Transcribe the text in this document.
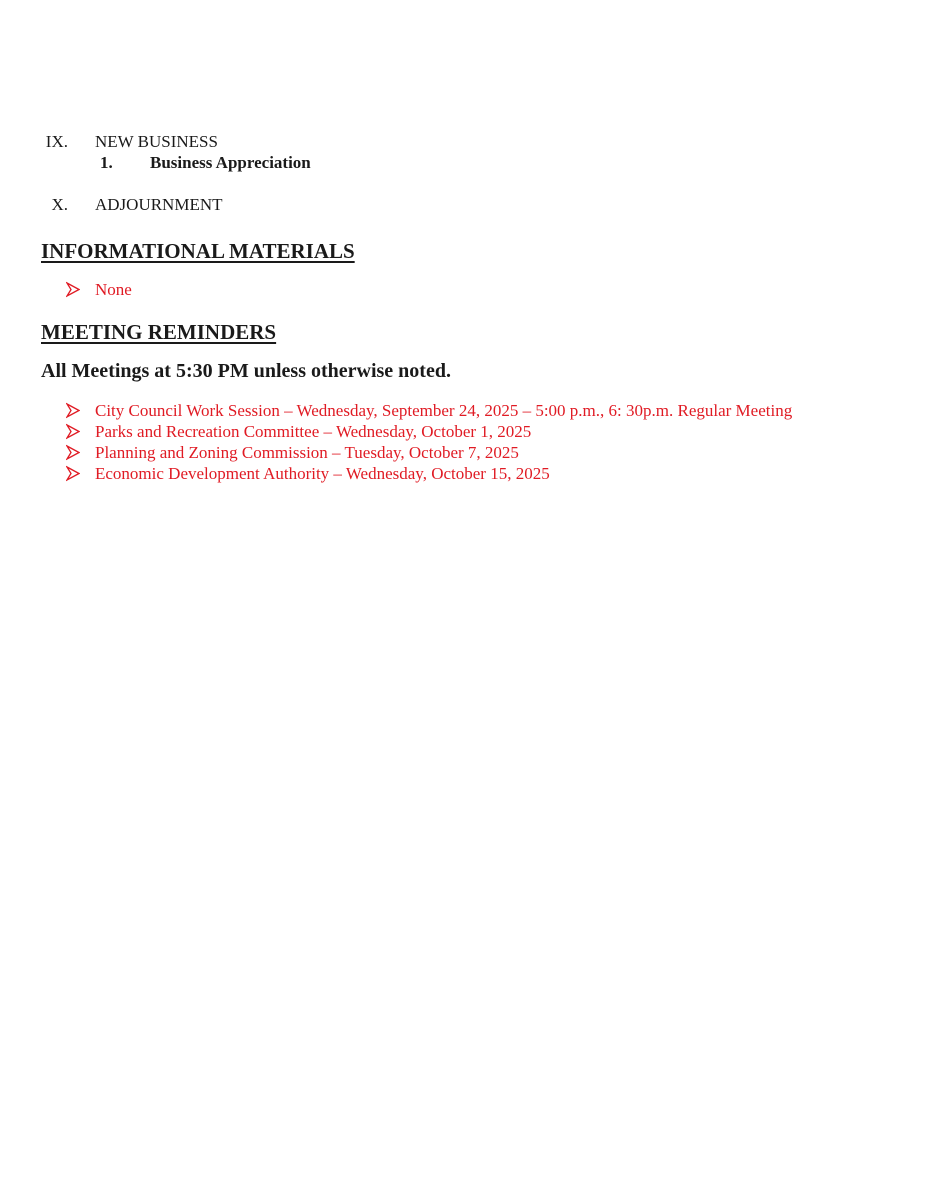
IX. NEW BUSINESS
1. Business Appreciation
X. ADJOURNMENT
INFORMATIONAL MATERIALS
None
MEETING REMINDERS
All Meetings at 5:30 PM unless otherwise noted.
City Council Work Session – Wednesday, September 24, 2025 – 5:00 p.m., 6: 30p.m. Regular Meeting
Parks and Recreation Committee – Wednesday, October 1, 2025
Planning and Zoning Commission – Tuesday, October 7, 2025
Economic Development Authority – Wednesday, October 15, 2025
